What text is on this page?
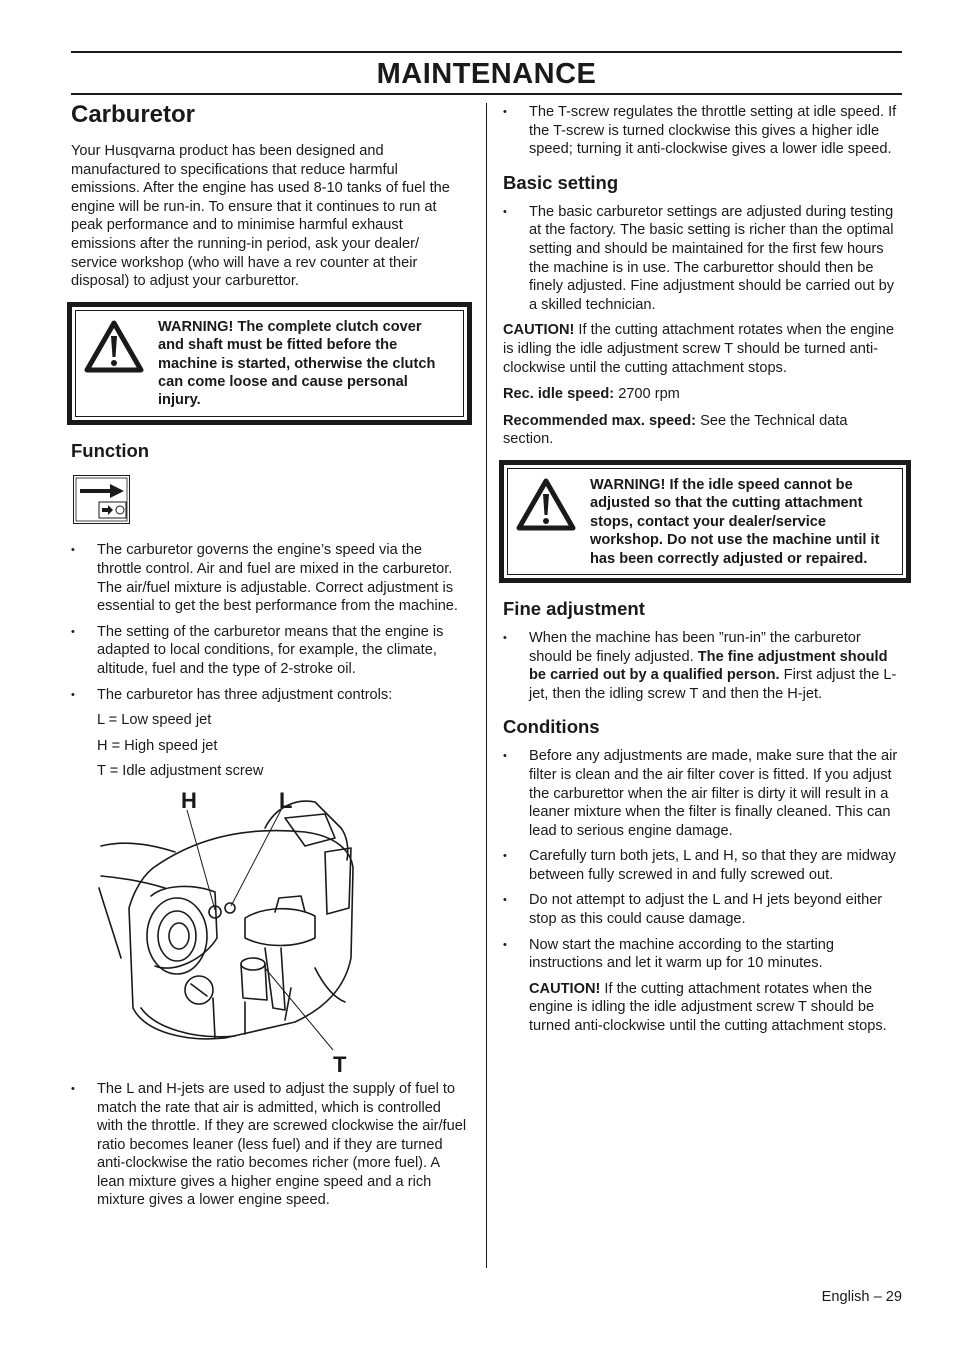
MAINTENANCE
Carburetor

Your Husqvarna product has been designed and manufactured to specifications that reduce harmful emissions. After the engine has used 8-10 tanks of fuel the engine will be run-in. To ensure that it continues to run at peak performance and to minimise harmful exhaust emissions after the running-in period, ask your dealer/ service workshop (who will have a rev counter at their disposal) to adjust your carburettor.

WARNING! The complete clutch cover and shaft must be fitted before the machine is started, otherwise the clutch can come loose and cause personal injury.
Function
• The carburetor governs the engine’s speed via the throttle control. Air and fuel are mixed in the carburetor. The air/fuel mixture is adjustable. Correct adjustment is essential to get the best performance from the machine.
• The setting of the carburetor means that the engine is adapted to local conditions, for example, the climate, altitude, fuel and the type of 2-stroke oil.
• The carburetor has three adjustment controls:
L = Low speed jet
H = High speed jet
T = Idle adjustment screw
H	L
T
• The L and H-jets are used to adjust the supply of fuel to match the rate that air is admitted, which is controlled with the throttle. If they are screwed clockwise the air/fuel ratio becomes leaner (less fuel) and if they are turned anti-clockwise the ratio becomes richer (more fuel). A lean mixture gives a higher engine speed and a rich mixture gives a lower engine speed.
• The T-screw regulates the throttle setting at idle speed. If the T-screw is turned clockwise this gives a higher idle speed; turning it anti-clockwise gives a lower idle speed.
Basic setting
• The basic carburetor settings are adjusted during testing at the factory. The basic setting is richer than the optimal setting and should be maintained for the first few hours the machine is in use. The carburettor should then be finely adjusted. Fine adjustment should be carried out by a skilled technician.

CAUTION! If the cutting attachment rotates when the engine is idling the idle adjustment screw T should be turned anti-clockwise until the cutting attachment stops.

Rec. idle speed: 2700 rpm

Recommended max. speed: See the Technical data section.

WARNING! If the idle speed cannot be adjusted so that the cutting attachment stops, contact your dealer/service workshop. Do not use the machine until it has been correctly adjusted or repaired.
Fine adjustment
• When the machine has been ”run-in” the carburetor should be finely adjusted. The fine adjustment should be carried out by a qualified person. First adjust the L-jet, then the idling screw T and then the H-jet.
Conditions
• Before any adjustments are made, make sure that the air filter is clean and the air filter cover is fitted. If you adjust the carburettor when the air filter is dirty it will result in a leaner mixture when the filter is finally cleaned. This can lead to serious engine damage.
• Carefully turn both jets, L and H, so that they are midway between fully screwed in and fully screwed out.
• Do not attempt to adjust the L and H jets beyond either stop as this could cause damage.
• Now start the machine according to the starting instructions and let it warm up for 10 minutes.
CAUTION! If the cutting attachment rotates when the engine is idling the idle adjustment screw T should be turned anti-clockwise until the cutting attachment stops.
English – 29
